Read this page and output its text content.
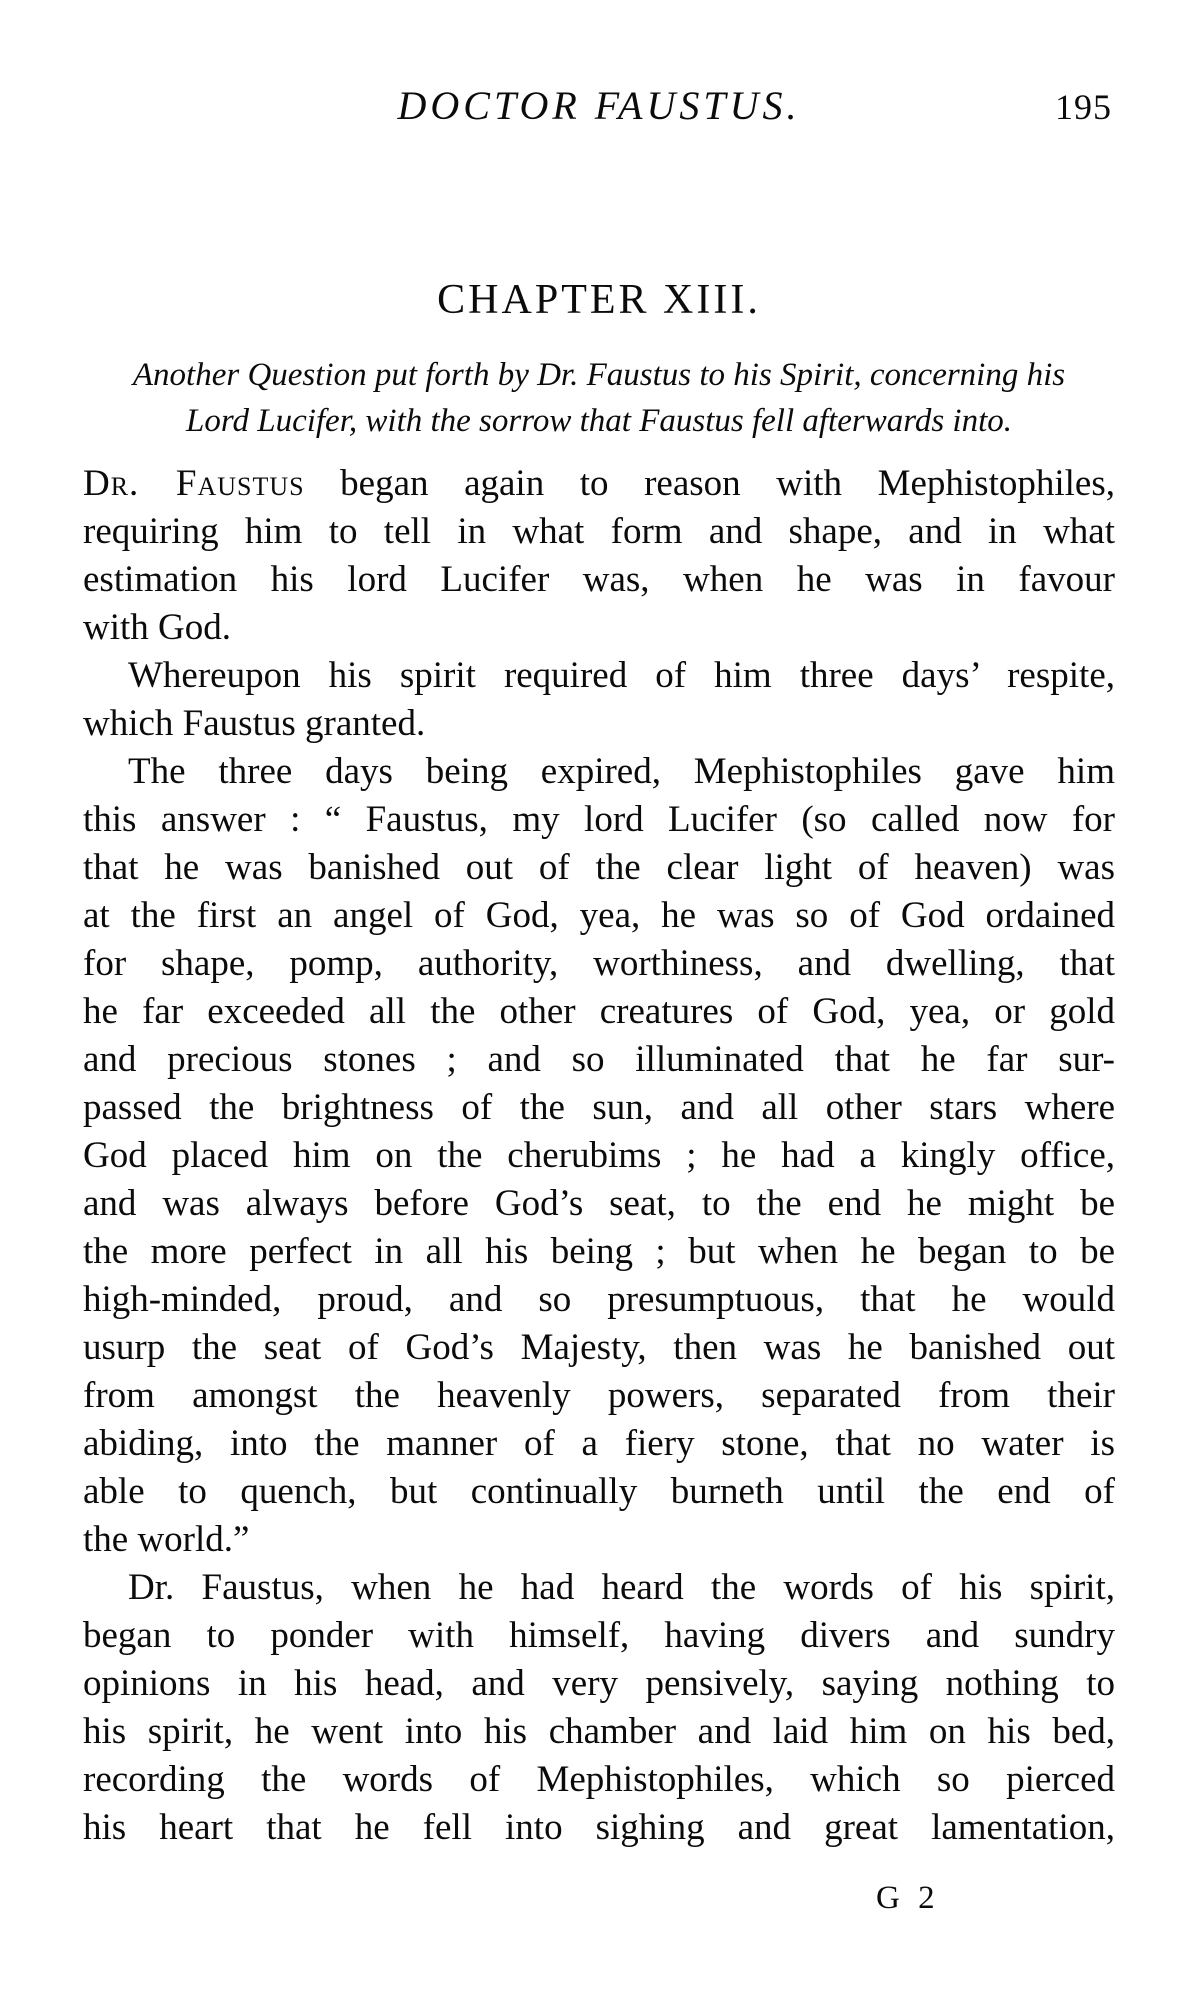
DOCTOR FAUSTUS.	195
CHAPTER XIII.
Another Question put forth by Dr. Faustus to his Spirit, concerning his
Lord Lucifer, with the sorrow that Faustus fell afterwards into.
Dr. Faustus began again to reason with Mephistophiles,
requiring him to tell in what form and shape, and in what
estimation his lord Lucifer was, when he was in favour
with God.
Whereupon his spirit required of him three days’ respite,
which Faustus granted.
The three days being expired, Mephistophiles gave him
this answer : “ Faustus, my lord Lucifer (so called now for
that he was banished out of the clear light of heaven) was
at the first an angel of God, yea, he was so of God ordained
for shape, pomp, authority, worthiness, and dwelling, that
he far exceeded all the other creatures of God, yea, or gold
and precious stones ; and so illuminated that he far sur-
passed the brightness of the sun, and all other stars where
God placed him on the cherubims ; he had a kingly office,
and was always before God’s seat, to the end he might be
the more perfect in all his being ; but when he began to be
high-minded, proud, and so presumptuous, that he would
usurp the seat of God’s Majesty, then was he banished out
from amongst the heavenly powers, separated from their
abiding, into the manner of a fiery stone, that no water is
able to quench, but continually burneth until the end of
the world.”
Dr. Faustus, when he had heard the words of his spirit,
began to ponder with himself, having divers and sundry
opinions in his head, and very pensively, saying nothing to
his spirit, he went into his chamber and laid him on his bed,
recording the words of Mephistophiles, which so pierced
his heart that he fell into sighing and great lamentation,
G 2
